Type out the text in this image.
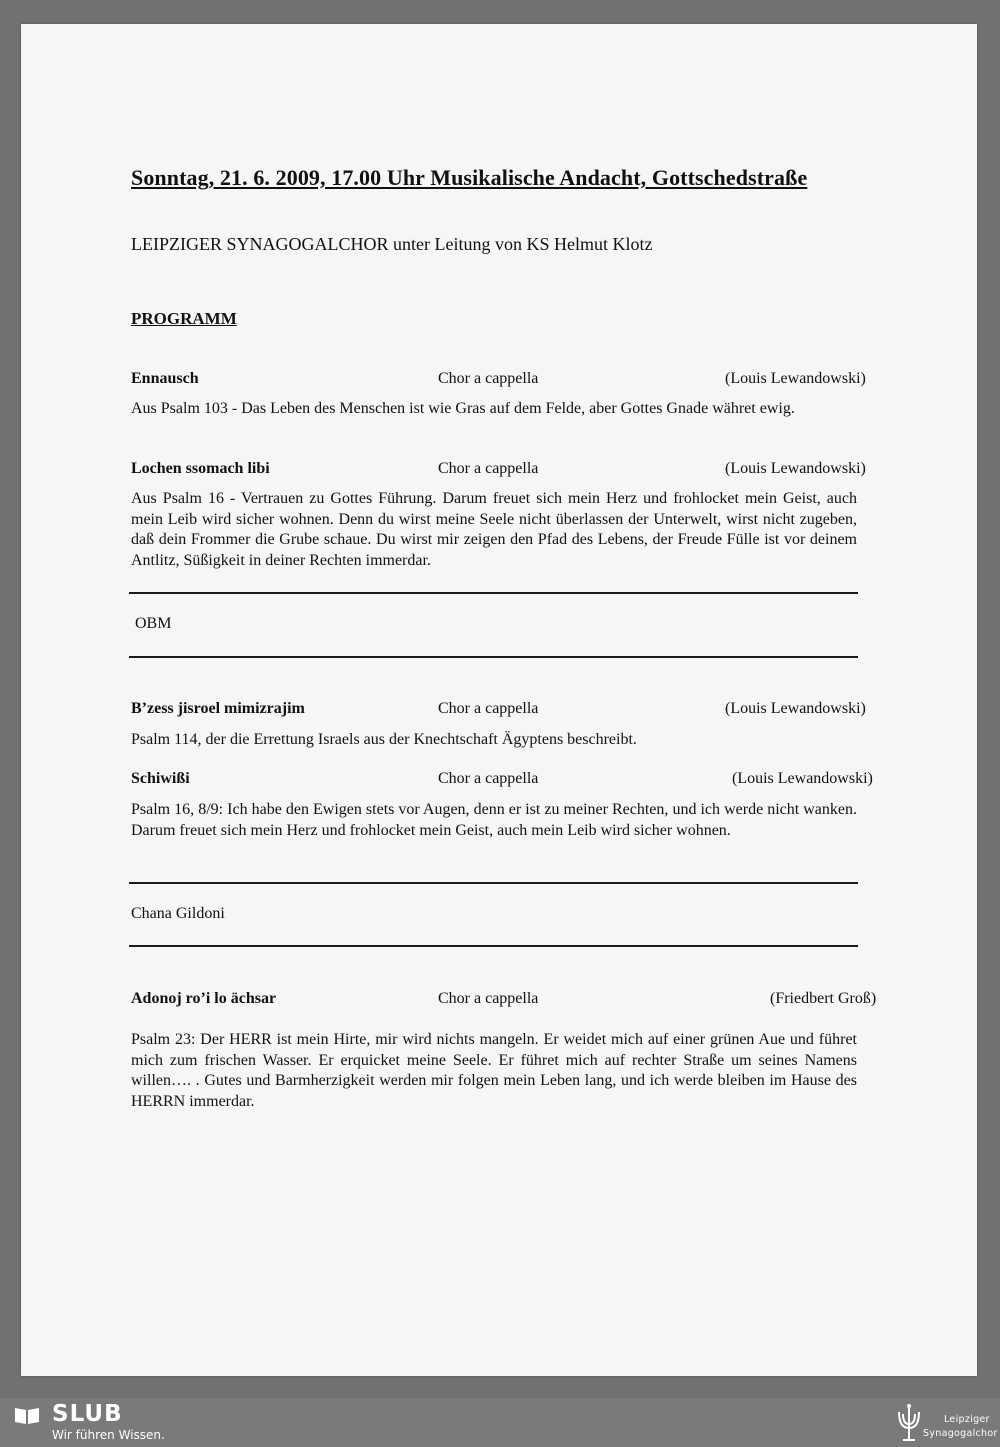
Sonntag, 21. 6. 2009, 17.00 Uhr Musikalische Andacht, Gottschedstraße
LEIPZIGER SYNAGOGALCHOR unter Leitung von KS Helmut Klotz
PROGRAMM
Ennausch	Chor a cappella	(Louis Lewandowski)
Aus Psalm 103 - Das Leben des Menschen ist wie Gras auf dem Felde, aber Gottes Gnade währet ewig.
Lochen ssomach libi	Chor a cappella	(Louis Lewandowski)
Aus Psalm 16 - Vertrauen zu Gottes Führung. Darum freuet sich mein Herz und frohlocket mein Geist, auch mein Leib wird sicher wohnen. Denn du wirst meine Seele nicht überlassen der Unterwelt, wirst nicht zugeben, daß dein Frommer die Grube schaue. Du wirst mir zeigen den Pfad des Lebens, der Freude Fülle ist vor deinem Antlitz, Süßigkeit in deiner Rechten immerdar.
OBM
B’zess jisroel mimizrajim	Chor a cappella	(Louis Lewandowski)
Psalm 114, der die Errettung Israels aus der Knechtschaft Ägyptens beschreibt.
Schiwißi	Chor a cappella	(Louis Lewandowski)
Psalm 16, 8/9: Ich habe den Ewigen stets vor Augen, denn er ist zu meiner Rechten, und ich werde nicht wanken. Darum freuet sich mein Herz und frohlocket mein Geist, auch mein Leib wird sicher wohnen.
Chana Gildoni
Adonoj ro’i lo ächsar	Chor a cappella	(Friedbert Groß)
Psalm 23: Der HERR ist mein Hirte, mir wird nichts mangeln. Er weidet mich auf einer grünen Aue und führet mich zum frischen Wasser. Er erquicket meine Seele. Er führet mich auf rechter Straße um seines Namens willen…. . Gutes und Barmherzigkeit werden mir folgen mein Leben lang, und ich werde bleiben im Hause des HERRN immerdar.
SLUB
Wir führen Wissen.
Leipziger
Synagogalchor
